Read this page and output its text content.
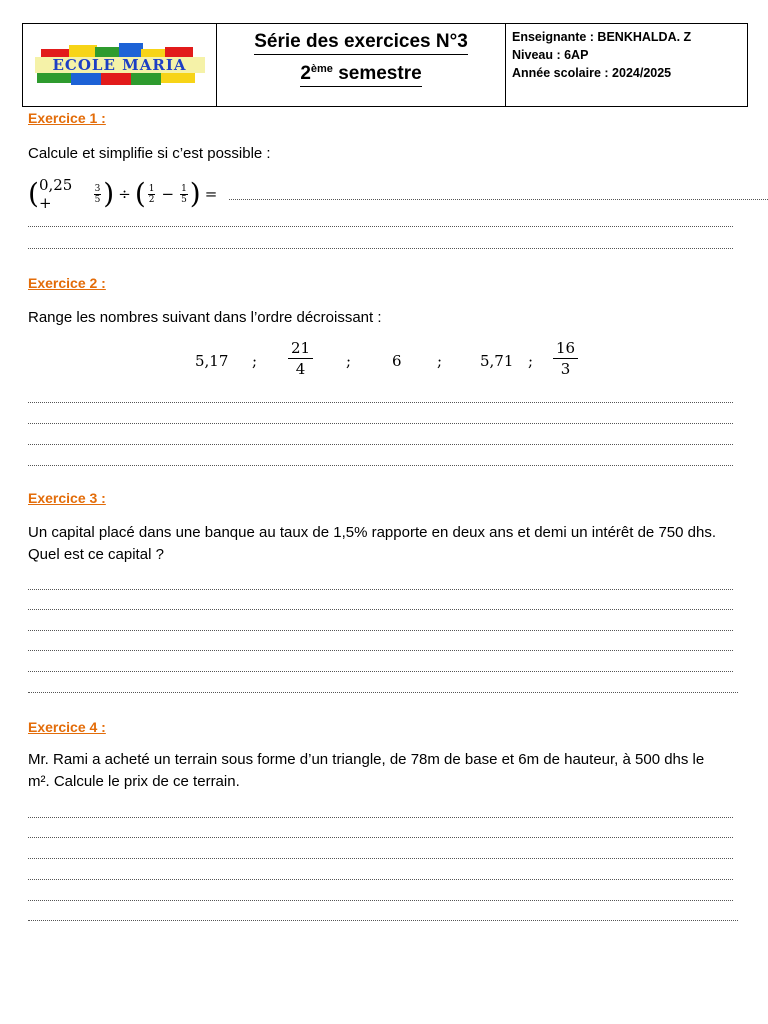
ECOLE MARIA
Série des exercices N°3
2ème semestre
Enseignante : BENKHALDA. Z
Niveau : 6AP
Année scolaire : 2024/2025
Exercice 1 :
Calcule et simplifie si c’est possible :
( 0,25 +	$\frac{3}{5}$ ) ÷ ( 1
$2 - \frac{1}{5}$ ) =
Exercice 2 :
Range les nombres suivant dans l’ordre décroissant :
5,17 ;
21
4	;	6 ;	5,71 ;
16
3
Exercice 3 :
Un capital placé dans une banque au taux de 1,5% rapporte en deux ans et demi un intérêt de 750 dhs.
Quel est ce capital ?
Exercice 4 :
Mr. Rami a acheté un terrain sous forme d’un triangle, de 78m de base et 6m de hauteur, à 500 dhs le
m². Calcule le prix de ce terrain.
